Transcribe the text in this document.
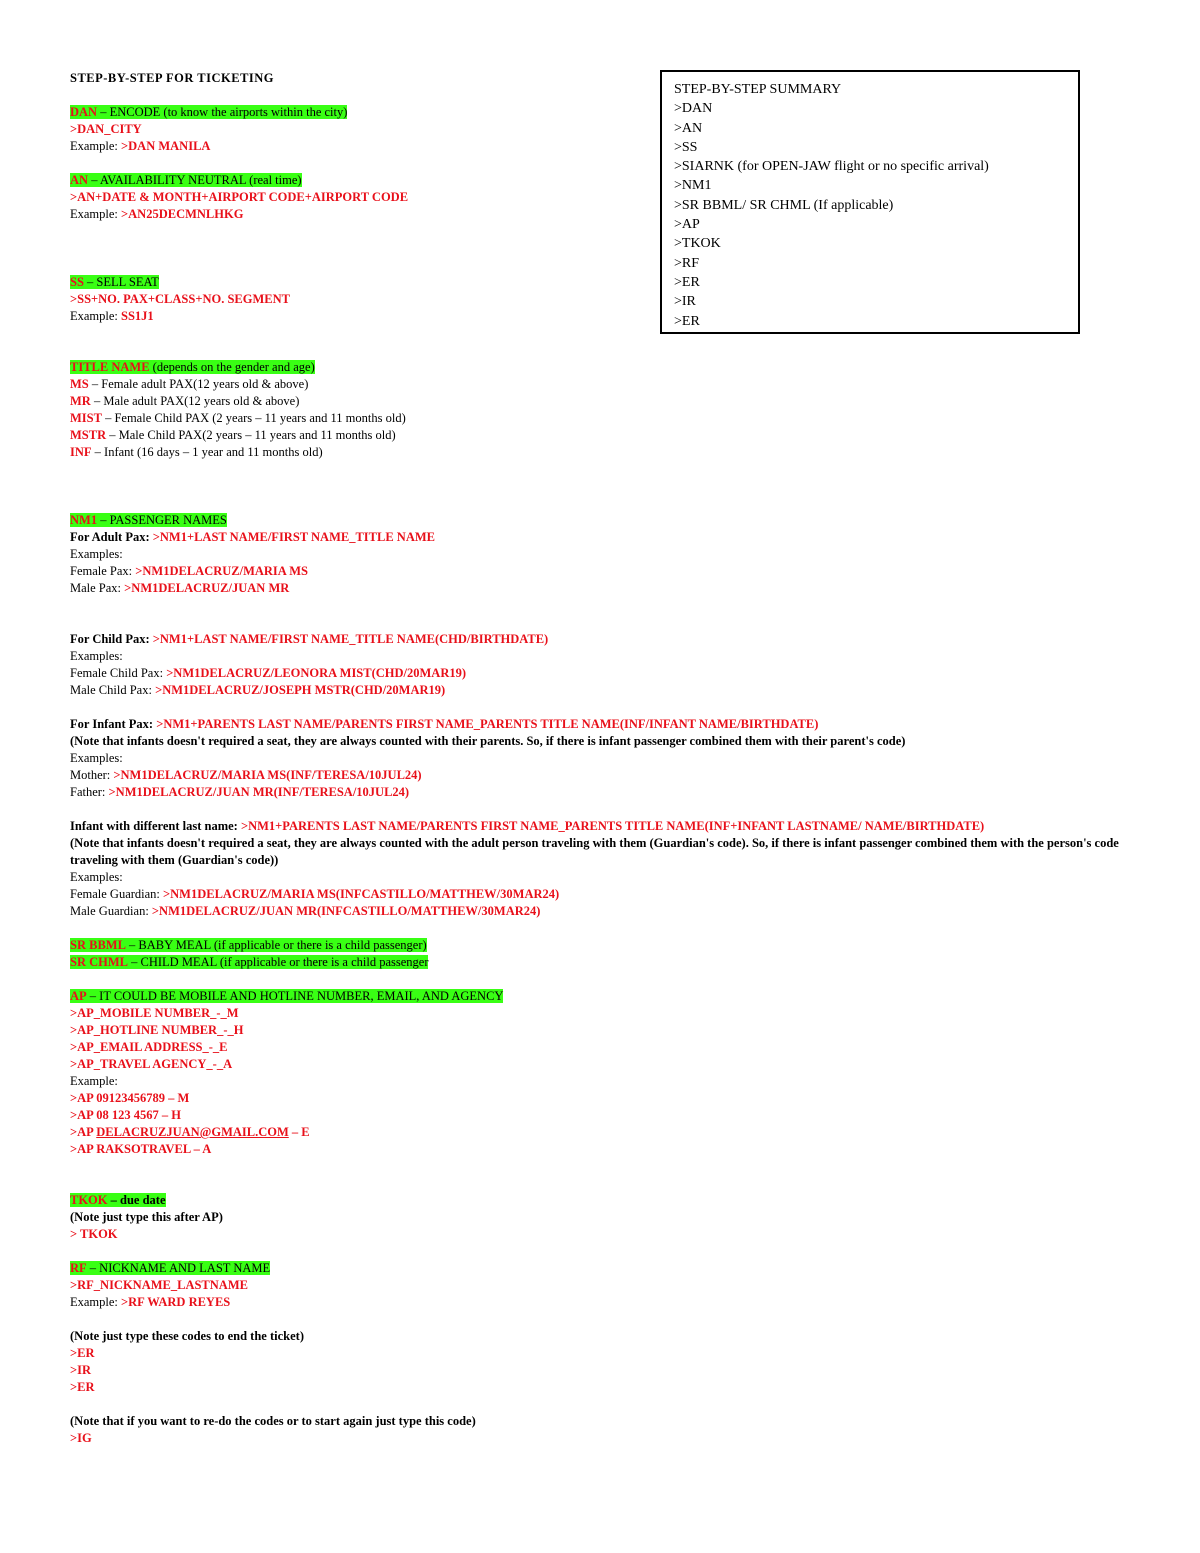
STEP-BY-STEP SUMMARY
>DAN
>AN
>SS
>SIARNK (for OPEN-JAW flight or no specific arrival)
>NM1
>SR BBML/ SR CHML (If applicable)
>AP
>TKOK
>RF
>ER
>IR
>ER
STEP-BY-STEP FOR TICKETING
DAN – ENCODE (to know the airports within the city)
>DAN_CITY
Example: >DAN MANILA
AN – AVAILABILITY NEUTRAL (real time)
>AN+DATE & MONTH+AIRPORT CODE+AIRPORT CODE
Example: >AN25DECMNLHKG
SS – SELL SEAT
>SS+NO. PAX+CLASS+NO. SEGMENT
Example: SS1J1
TITLE NAME (depends on the gender and age)
MS – Female adult PAX(12 years old & above)
MR – Male adult PAX(12 years old & above)
MIST – Female Child PAX (2 years – 11 years and 11 months old)
MSTR – Male Child PAX(2 years – 11 years and 11 months old)
INF – Infant (16 days – 1 year and 11 months old)
NM1 – PASSENGER NAMES
For Adult Pax: >NM1+LAST NAME/FIRST NAME_TITLE NAME
Examples:
Female Pax: >NM1DELACRUZ/MARIA MS
Male Pax: >NM1DELACRUZ/JUAN MR
For Child Pax: >NM1+LAST NAME/FIRST NAME_TITLE NAME(CHD/BIRTHDATE)
Examples:
Female Child Pax: >NM1DELACRUZ/LEONORA MIST(CHD/20MAR19)
Male Child Pax: >NM1DELACRUZ/JOSEPH MSTR(CHD/20MAR19)
For Infant Pax: >NM1+PARENTS LAST NAME/PARENTS FIRST NAME_PARENTS TITLE NAME(INF/INFANT NAME/BIRTHDATE)
(Note that infants doesn't required a seat, they are always counted with their parents. So, if there is infant passenger combined them with their parent's code)
Examples:
Mother: >NM1DELACRUZ/MARIA MS(INF/TERESA/10JUL24)
Father: >NM1DELACRUZ/JUAN MR(INF/TERESA/10JUL24)
Infant with different last name: >NM1+PARENTS LAST NAME/PARENTS FIRST NAME_PARENTS TITLE NAME(INF+INFANT LASTNAME/ NAME/BIRTHDATE)
(Note that infants doesn't required a seat, they are always counted with the adult person traveling with them (Guardian's code). So, if there is infant passenger combined them with the person's code traveling with them (Guardian's code))
Examples:
Female Guardian: >NM1DELACRUZ/MARIA MS(INFCASTILLO/MATTHEW/30MAR24)
Male Guardian: >NM1DELACRUZ/JUAN MR(INFCASTILLO/MATTHEW/30MAR24)
SR BBML – BABY MEAL (if applicable or there is a child passenger)
SR CHML – CHILD MEAL (if applicable or there is a child passenger
AP – IT COULD BE MOBILE AND HOTLINE NUMBER, EMAIL, AND AGENCY
>AP_MOBILE NUMBER_-_M
>AP_HOTLINE NUMBER_-_H
>AP_EMAIL ADDRESS_-_E
>AP_TRAVEL AGENCY_-_A
Example:
>AP 09123456789 – M
>AP 08 123 4567 – H
>AP DELACRUZJUAN@GMAIL.COM – E
>AP RAKSOTRAVEL – A
TKOK – due date
(Note just type this after AP)
> TKOK
RF – NICKNAME AND LAST NAME
>RF_NICKNAME_LASTNAME
Example: >RF WARD REYES
(Note just type these codes to end the ticket)
>ER
>IR
>ER
(Note that if you want to re-do the codes or to start again just type this code)
>IG
